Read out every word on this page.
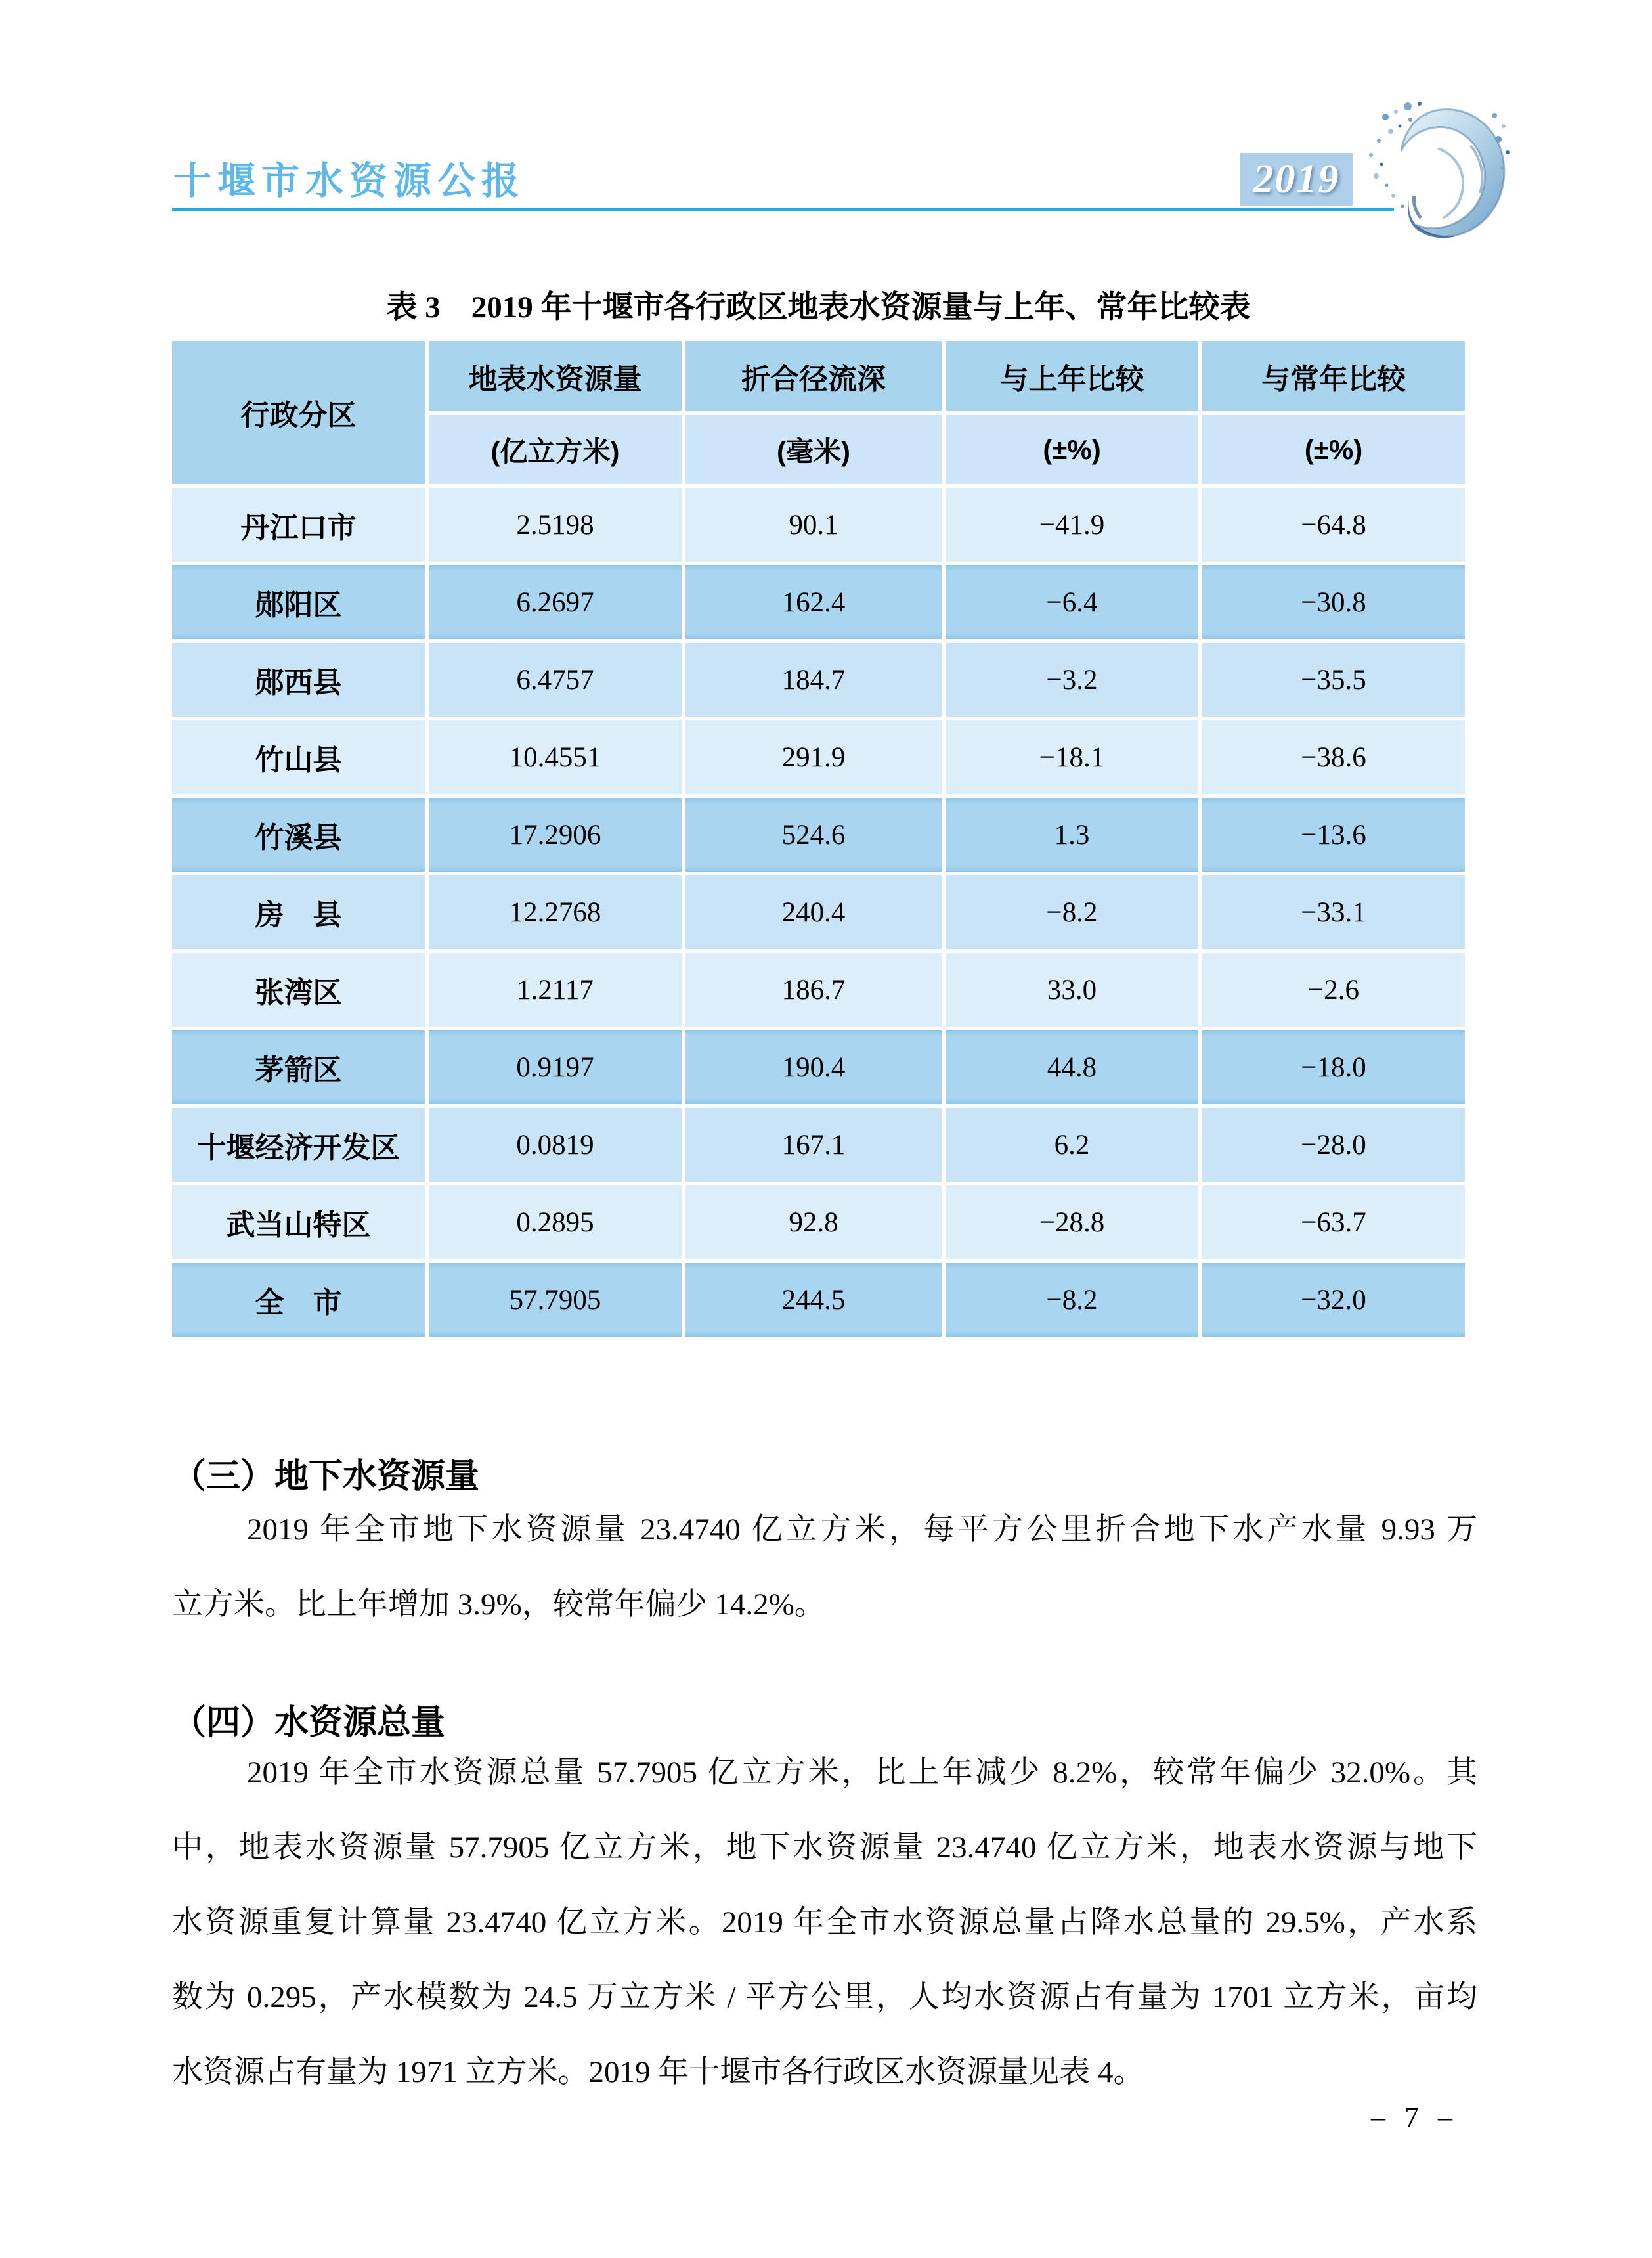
十堰市水资源公报	2019
表 3　2019 年十堰市各行政区地表水资源量与上年、常年比较表
行政分区	地表水资源量	折合径流深	与上年比较	与常年比较
	(亿立方米)	(毫米)	(±%)	(±%)
丹江口市	2.5198	90.1	−41.9	−64.8
郧阳区	6.2697	162.4	−6.4	−30.8
郧西县	6.4757	184.7	−3.2	−35.5
竹山县	10.4551	291.9	−18.1	−38.6
竹溪县	17.2906	524.6	1.3	−13.6
房　县	12.2768	240.4	−8.2	−33.1
张湾区	1.2117	186.7	33.0	−2.6
茅箭区	0.9197	190.4	44.8	−18.0
十堰经济开发区	0.0819	167.1	6.2	−28.0
武当山特区	0.2895	92.8	−28.8	−63.7
全　市	57.7905	244.5	−8.2	−32.0
（三）地下水资源量
2019 年全市地下水资源量 23.4740 亿立方米，每平方公里折合地下水产水量 9.93 万
立方米。比上年增加 3.9%，较常年偏少 14.2%。
（四）水资源总量
2019 年全市水资源总量 57.7905 亿立方米，比上年减少 8.2%，较常年偏少 32.0%。其
中，地表水资源量 57.7905 亿立方米，地下水资源量 23.4740 亿立方米，地表水资源与地下
水资源重复计算量 23.4740 亿立方米。2019 年全市水资源总量占降水总量的 29.5%，产水系
数为 0.295，产水模数为 24.5 万立方米 / 平方公里，人均水资源占有量为 1701 立方米，亩均
水资源占有量为 1971 立方米。2019 年十堰市各行政区水资源量见表 4。
– 7 –
